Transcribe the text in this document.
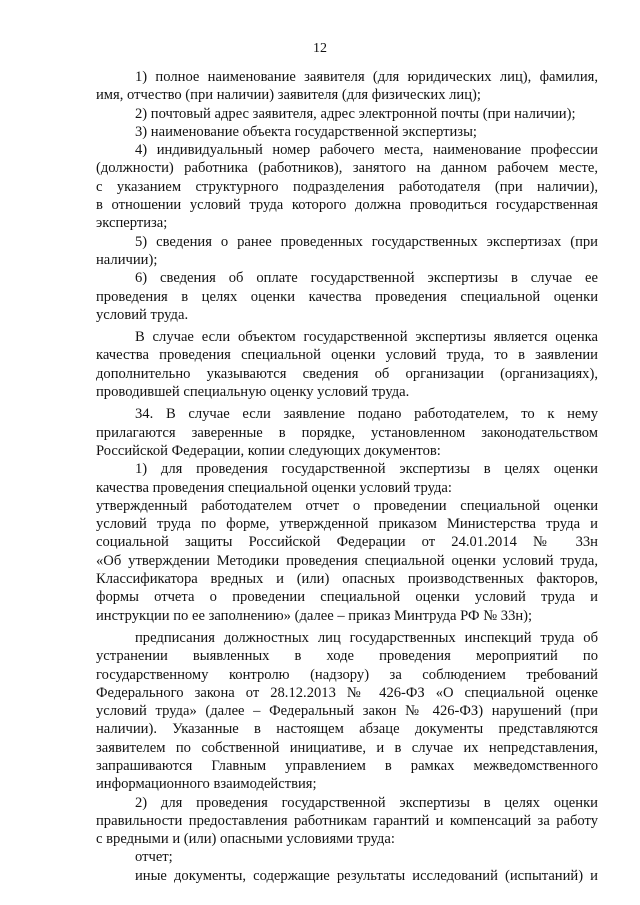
12
1) полное наименование заявителя (для юридических лиц), фамилия,
имя, отчество (при наличии) заявителя (для физических лиц);
2) почтовый адрес заявителя, адрес электронной почты (при наличии);
3) наименование объекта государственной экспертизы;
4) индивидуальный номер рабочего места, наименование профессии
(должности) работника (работников), занятого на данном рабочем месте,
с указанием структурного подразделения работодателя (при наличии),
в отношении условий труда которого должна проводиться государственная
экспертиза;
5) сведения о ранее проведенных государственных экспертизах (при
наличии);
6) сведения об оплате государственной экспертизы в случае ее
проведения в целях оценки качества проведения специальной оценки
условий труда.
В случае если объектом государственной экспертизы является оценка
качества проведения специальной оценки условий труда, то в заявлении
дополнительно указываются сведения об организации (организациях),
проводившей специальную оценку условий труда.
34. В случае если заявление подано работодателем, то к нему
прилагаются заверенные в порядке, установленном законодательством
Российской Федерации, копии следующих документов:
1) для проведения государственной экспертизы в целях оценки
качества проведения специальной оценки условий труда:
утвержденный работодателем отчет о проведении специальной оценки
условий труда по форме, утвержденной приказом Министерства труда и
социальной защиты Российской Федерации от 24.01.2014 № 33н
«Об утверждении Методики проведения специальной оценки условий труда,
Классификатора вредных и (или) опасных производственных факторов,
формы отчета о проведении специальной оценки условий труда и
инструкции по ее заполнению» (далее – приказ Минтруда РФ № 33н);
предписания должностных лиц государственных инспекций труда об
устранении выявленных в ходе проведения мероприятий по
государственному контролю (надзору) за соблюдением требований
Федерального закона от 28.12.2013 № 426-ФЗ «О специальной оценке
условий труда» (далее – Федеральный закон № 426-ФЗ) нарушений (при
наличии). Указанные в настоящем абзаце документы представляются
заявителем по собственной инициативе, и в случае их непредставления,
запрашиваются Главным управлением в рамках межведомственного
информационного взаимодействия;
2) для проведения государственной экспертизы в целях оценки
правильности предоставления работникам гарантий и компенсаций за работу
с вредными и (или) опасными условиями труда:
отчет;
иные документы, содержащие результаты исследований (испытаний) и
